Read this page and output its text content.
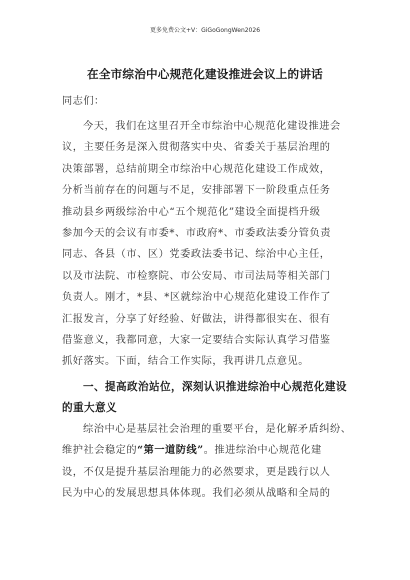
更多免费公文+V：GiGoGongWen2026
在全市综治中心规范化建设推进会议上的讲话
同志们：
今天，我们在这里召开全市综治中心规范化建设推进会
议，主要任务是深入贯彻落实中央、省委关于基层治理的
决策部署，总结前期全市综治中心规范化建设工作成效，
分析当前存在的问题与不足，安排部署下一阶段重点任务
推动县乡两级综治中心“五个规范化”建设全面提档升级
参加今天的会议有市委*、市政府*、市委政法委分管负责
同志、各县（市、区）党委政法委书记、综治中心主任，
以及市法院、市检察院、市公安局、市司法局等相关部门
负责人。刚才，*县、*区就综治中心规范化建设工作作了
汇报发言，分享了好经验、好做法，讲得都很实在、很有
借鉴意义，我都同意，大家一定要结合实际认真学习借鉴
抓好落实。下面，结合工作实际，我再讲几点意见。
一、提高政治站位，深刻认识推进综治中心规范化建设
的重大意义
综治中心是基层社会治理的重要平台，是化解矛盾纠纷、
维护社会稳定的“第一道防线”。推进综治中心规范化建
设，不仅是提升基层治理能力的必然要求，更是践行以人
民为中心的发展思想具体体现。我们必须从战略和全局的
